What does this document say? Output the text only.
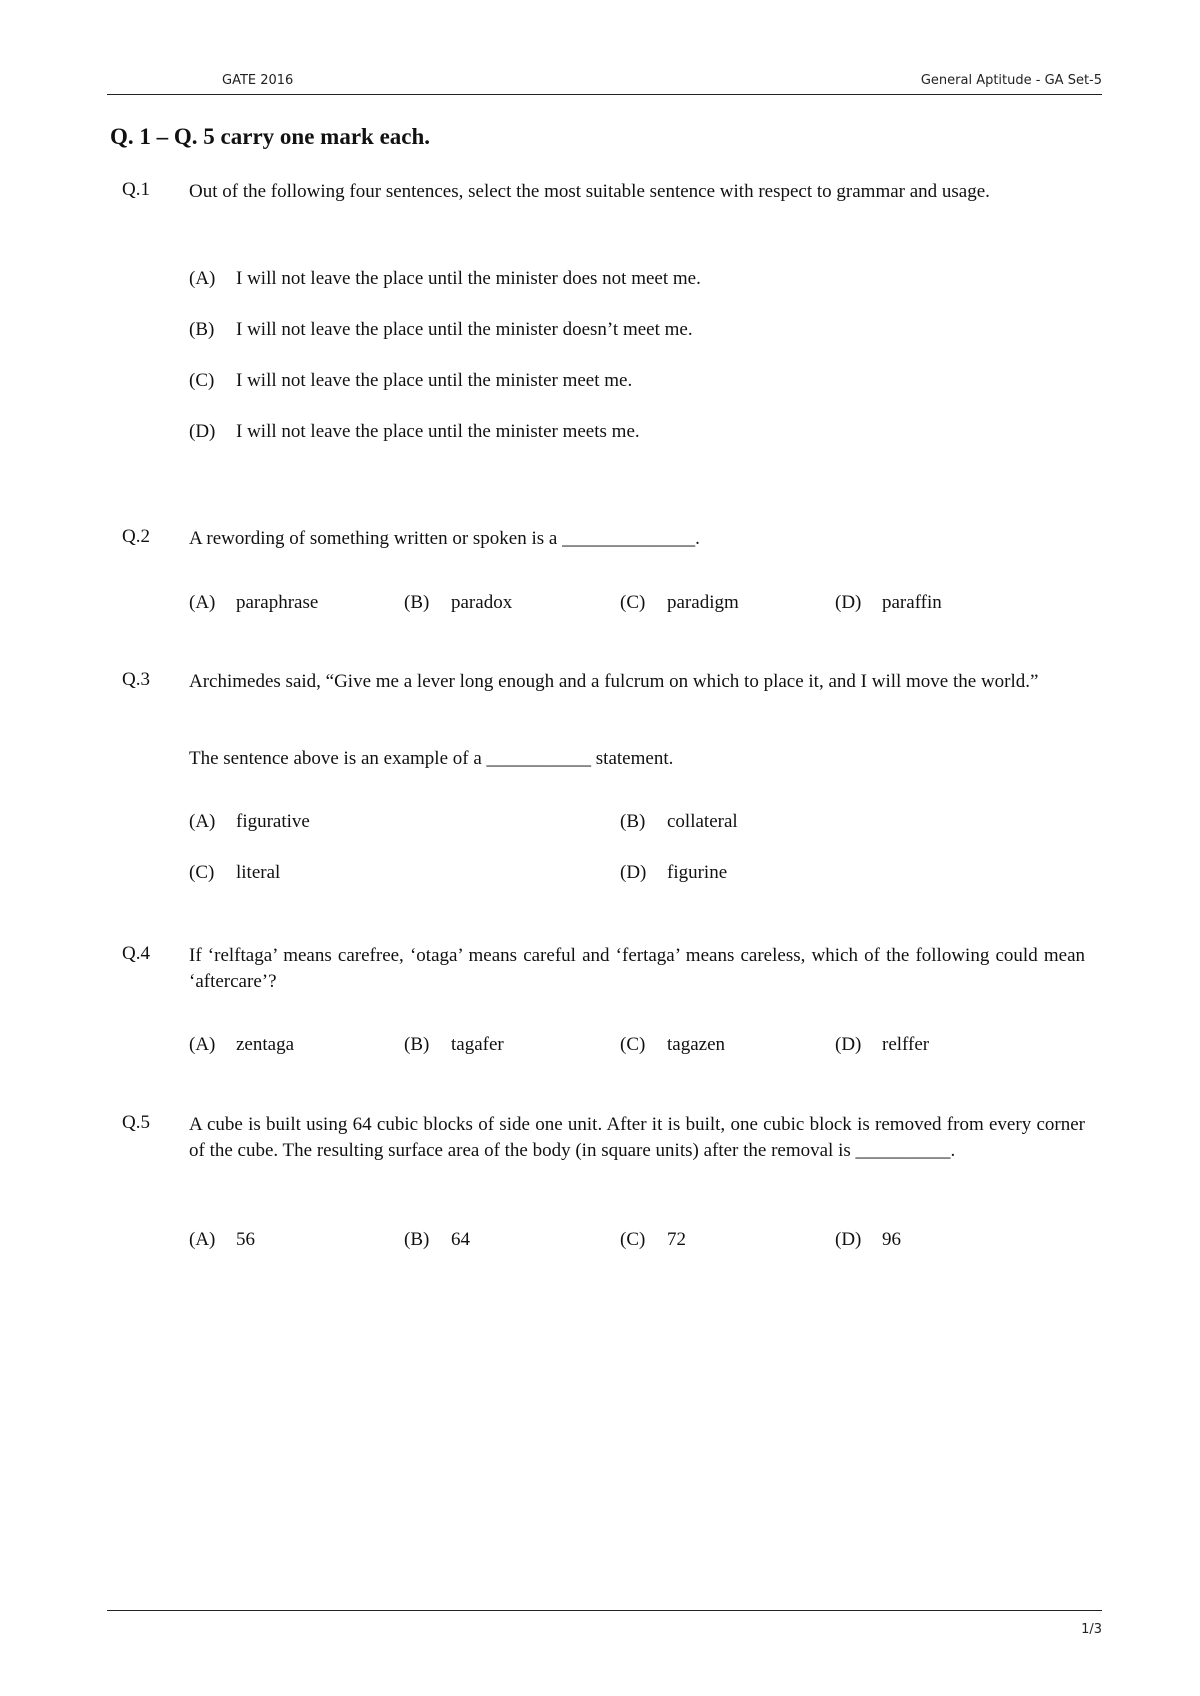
GATE 2016	General Aptitude - GA Set-5
Q. 1 – Q. 5 carry one mark each.
Q.1 Out of the following four sentences, select the most suitable sentence with respect to grammar and usage.
(A) I will not leave the place until the minister does not meet me.
(B) I will not leave the place until the minister doesn’t meet me.
(C) I will not leave the place until the minister meet me.
(D) I will not leave the place until the minister meets me.
Q.2 A rewording of something written or spoken is a ______________.
(A) paraphrase	(B) paradox	(C) paradigm	(D) paraffin
Q.3 Archimedes said, “Give me a lever long enough and a fulcrum on which to place it, and I will move the world.”
The sentence above is an example of a ___________ statement.
(A) figurative	(B) collateral
(C) literal	(D) figurine
Q.4 If ‘relftaga’ means carefree, ‘otaga’ means careful and ‘fertaga’ means careless, which of the following could mean ‘aftercare’?
(A) zentaga	(B) tagafer	(C) tagazen	(D) relffer
Q.5 A cube is built using 64 cubic blocks of side one unit. After it is built, one cubic block is removed from every corner of the cube. The resulting surface area of the body (in square units) after the removal is __________.
(A) 56	(B) 64	(C) 72	(D) 96
1/3
